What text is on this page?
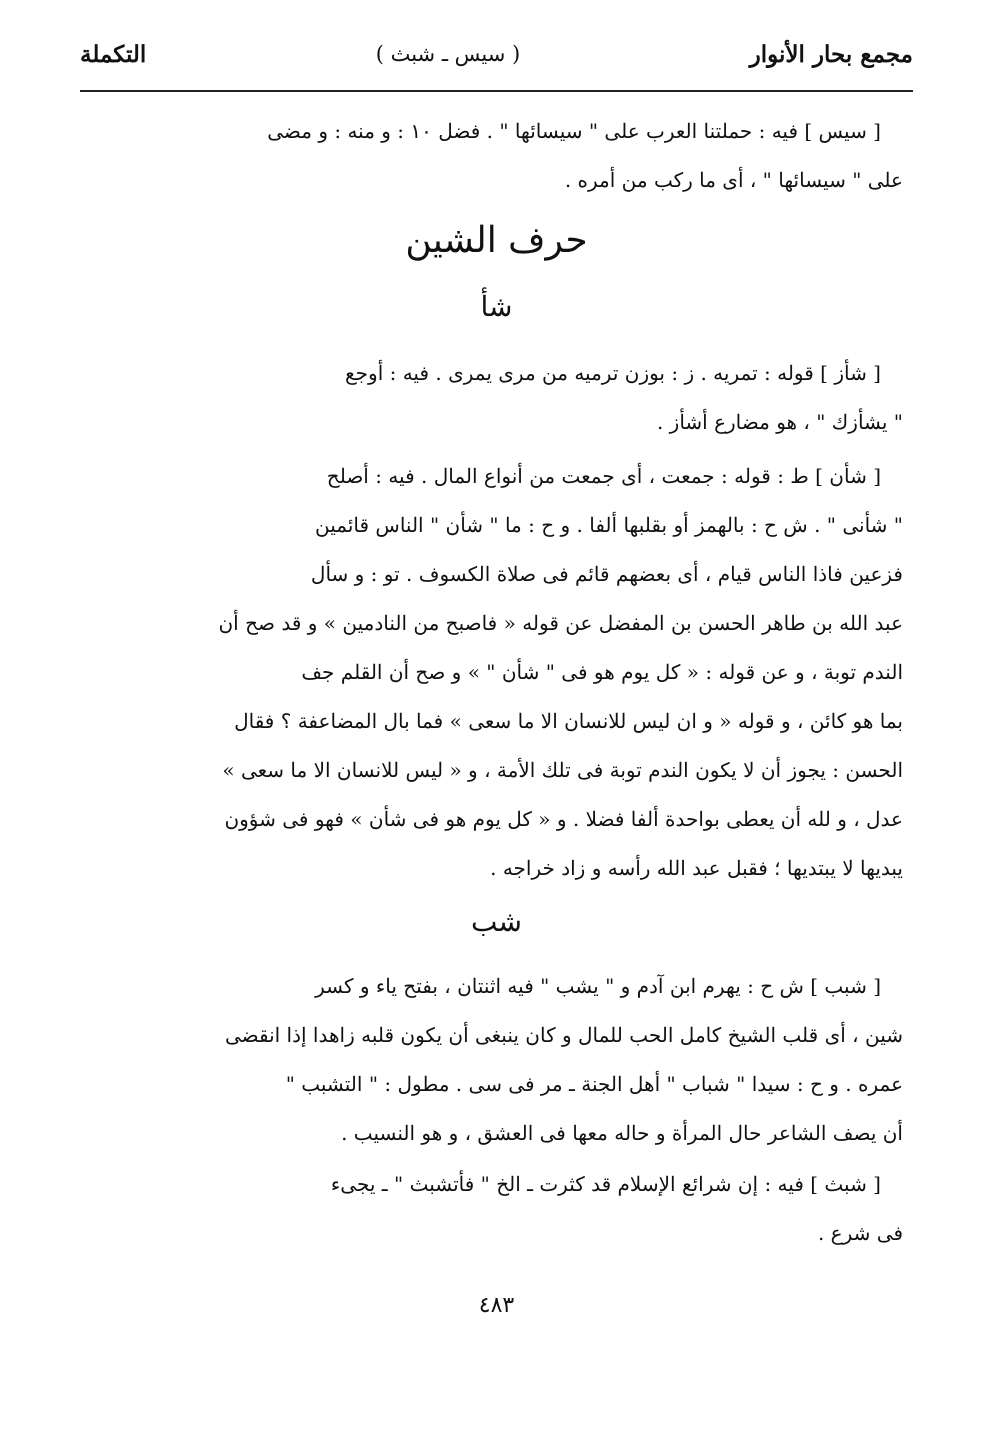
مجمع بحار الأنوار
( سيس ـ شبث )
التكملة
[ سيس ] فيه : حملتنا العرب على " سيسائها " . فضل ١٠ : و منه : و مضى
على " سيسائها " ، أى ما ركب من أمره .
حرف الشين
شأ
[ شأز ] قوله : تمريه . ز : بوزن ترميه من مرى يمرى . فيه : أوجع
" يشأزك " ، هو مضارع أشأز .
[ شأن ] ط : قوله : جمعت ، أى جمعت من أنواع المال . فيه : أصلح
" شأنى " . ش ح : بالهمز أو بقلبها ألفا . و ح : ما " شأن " الناس قائمين
فزعين فاذا الناس قيام ، أى بعضهم قائم فى صلاة الكسوف . تو : و سأل
عبد الله بن طاهر الحسن بن المفضل عن قوله « فاصبح من النادمين » و قد صح أن
الندم توبة ، و عن قوله : « كل يوم هو فى " شأن " » و صح أن القلم جف
بما هو كائن ، و قوله « و ان ليس للانسان الا ما سعى » فما بال المضاعفة ؟ فقال
الحسن : يجوز أن لا يكون الندم توبة فى تلك الأمة ، و « ليس للانسان الا ما سعى »
عدل ، و لله أن يعطى بواحدة ألفا فضلا . و « كل يوم هو فى شأن » فهو فى شؤون
يبديها لا يبتديها ؛ فقبل عبد الله رأسه و زاد خراجه .
شب
[ شبب ] ش ح : يهرم ابن آدم و " يشب " فيه اثنتان ، بفتح ياء و كسر
شين ، أى قلب الشيخ كامل الحب للمال و كان ينبغى أن يكون قلبه زاهدا إذا انقضى
عمره . و ح : سيدا " شباب " أهل الجنة ـ مر فى سى . مطول : " التشبب "
أن يصف الشاعر حال المرأة و حاله معها فى العشق ، و هو النسيب .
[ شبث ] فيه : إن شرائع الإسلام قد كثرت ـ الخ " فأتشبث " ـ يجىء
فى شرع .
٤٨٣
